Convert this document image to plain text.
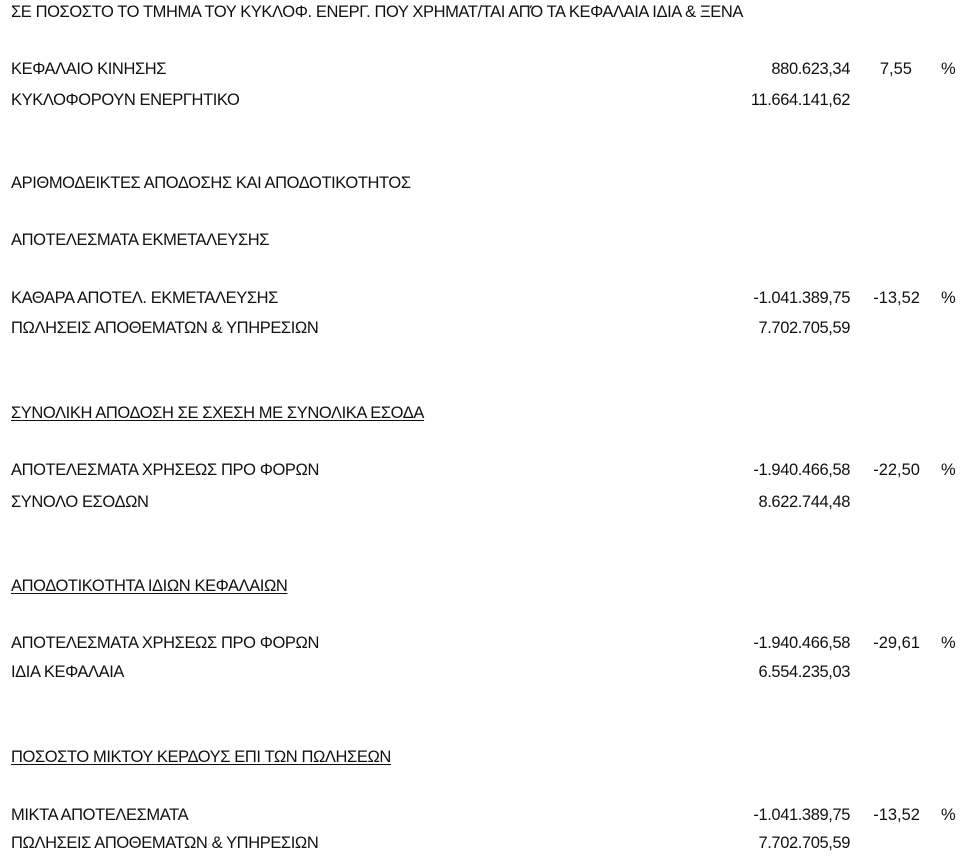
ΣΕ ΠΟΣΟΣΤΟ ΤΟ ΤΜΗΜΑ ΤΟΥ ΚΥΚΛΟΦ. ΕΝΕΡΓ. ΠΟΥ ΧΡΗΜΑΤ/ΤΑΙ ΑΠΌ ΤΑ ΚΕΦΑΛΑΙΑ ΙΔΙΑ & ΞΕΝΑ
ΚΕΦΑΛΑΙΟ ΚΙΝΗΣΗΣ	880.623,34	7,55 %
ΚΥΚΛΟΦΟΡΟΥΝ ΕΝΕΡΓΗΤΙΚΟ	11.664.141,62
ΑΡΙΘΜΟΔΕΙΚΤΕΣ ΑΠΟΔΟΣΗΣ ΚΑΙ ΑΠΟΔΟΤΙΚΟΤΗΤΟΣ
ΑΠΟΤΕΛΕΣΜΑΤΑ ΕΚΜΕΤΑΛΕΥΣΗΣ
ΚΑΘΑΡΑ ΑΠΟΤΕΛ. ΕΚΜΕΤΑΛΕΥΣΗΣ	-1.041.389,75	-13,52 %
ΠΩΛΗΣΕΙΣ ΑΠΟΘΕΜΑΤΩΝ & ΥΠΗΡΕΣΙΩΝ	7.702.705,59
ΣΥΝΟΛΙΚΗ ΑΠΟΔΟΣΗ ΣΕ ΣΧΕΣΗ ΜΕ ΣΥΝΟΛΙΚΑ ΕΣΟΔΑ
ΑΠΟΤΕΛΕΣΜΑΤΑ ΧΡΗΣΕΩΣ ΠΡΟ ΦΟΡΩΝ	-1.940.466,58	-22,50 %
ΣΥΝΟΛΟ ΕΣΟΔΩΝ	8.622.744,48
ΑΠΟΔΟΤΙΚΟΤΗΤΑ ΙΔΙΩΝ ΚΕΦΑΛΑΙΩΝ
ΑΠΟΤΕΛΕΣΜΑΤΑ ΧΡΗΣΕΩΣ ΠΡΟ ΦΟΡΩΝ	-1.940.466,58	-29,61 %
ΙΔΙΑ ΚΕΦΑΛΑΙΑ	6.554.235,03
ΠΟΣΟΣΤΟ ΜΙΚΤΟΥ ΚΕΡΔΟΥΣ ΕΠΙ ΤΩΝ ΠΩΛΗΣΕΩΝ
ΜΙΚΤΑ ΑΠΟΤΕΛΕΣΜΑΤΑ	-1.041.389,75	-13,52 %
ΠΩΛΗΣΕΙΣ ΑΠΟΘΕΜΑΤΩΝ & ΥΠΗΡΕΣΙΩΝ	7.702.705,59
